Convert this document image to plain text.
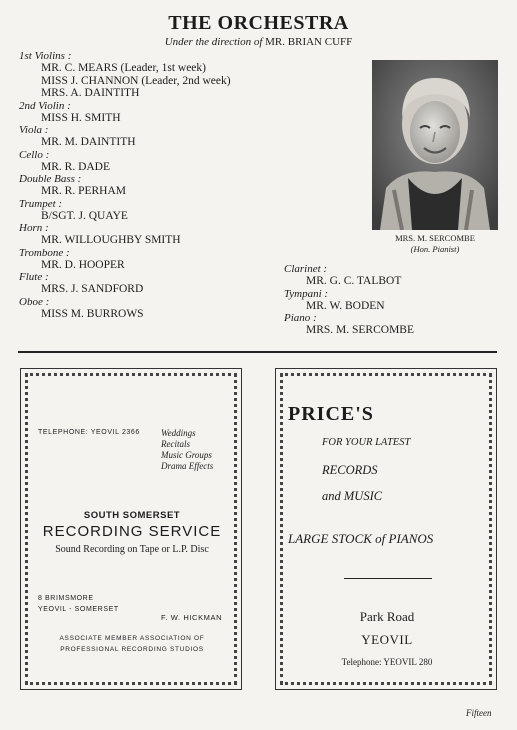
THE ORCHESTRA
Under the direction of MR. BRIAN CUFF
1st Violins :
MR. C. MEARS (Leader, 1st week)
MISS J. CHANNON (Leader, 2nd week)
MRS. A. DAINTITH
2nd Violin :
MISS H. SMITH
Viola :
MR. M. DAINTITH
Cello :
MR. R. DADE
Double Bass :
MR. R. PERHAM
Trumpet :
B/SGT. J. QUAYE
Horn :
MR. WILLOUGHBY SMITH
Trombone :
MR. D. HOOPER
Flute :
MRS. J. SANDFORD
Oboe :
MISS M. BURROWS
MRS. M. SERCOMBE
(Hon. Pianist)
Clarinet :
MR. G. C. TALBOT
Tympani :
MR. W. BODEN
Piano :
MRS. M. SERCOMBE
TELEPHONE: YEOVIL 2366 Weddings
Recitals
Music Groups
Drama Effects
SOUTH SOMERSET
RECORDING SERVICE
Sound Recording on Tape or L.P. Disc
8 BRIMSMORE
YEOVIL - SOMERSET
F. W. HICKMAN
ASSOCIATE MEMBER ASSOCIATION OF
PROFESSIONAL RECORDING STUDIOS
PRICE'S
FOR YOUR LATEST
RECORDS
and MUSIC
LARGE STOCK of PIANOS
Park Road
YEOVIL
Telephone: YEOVIL 280
Fifteen
